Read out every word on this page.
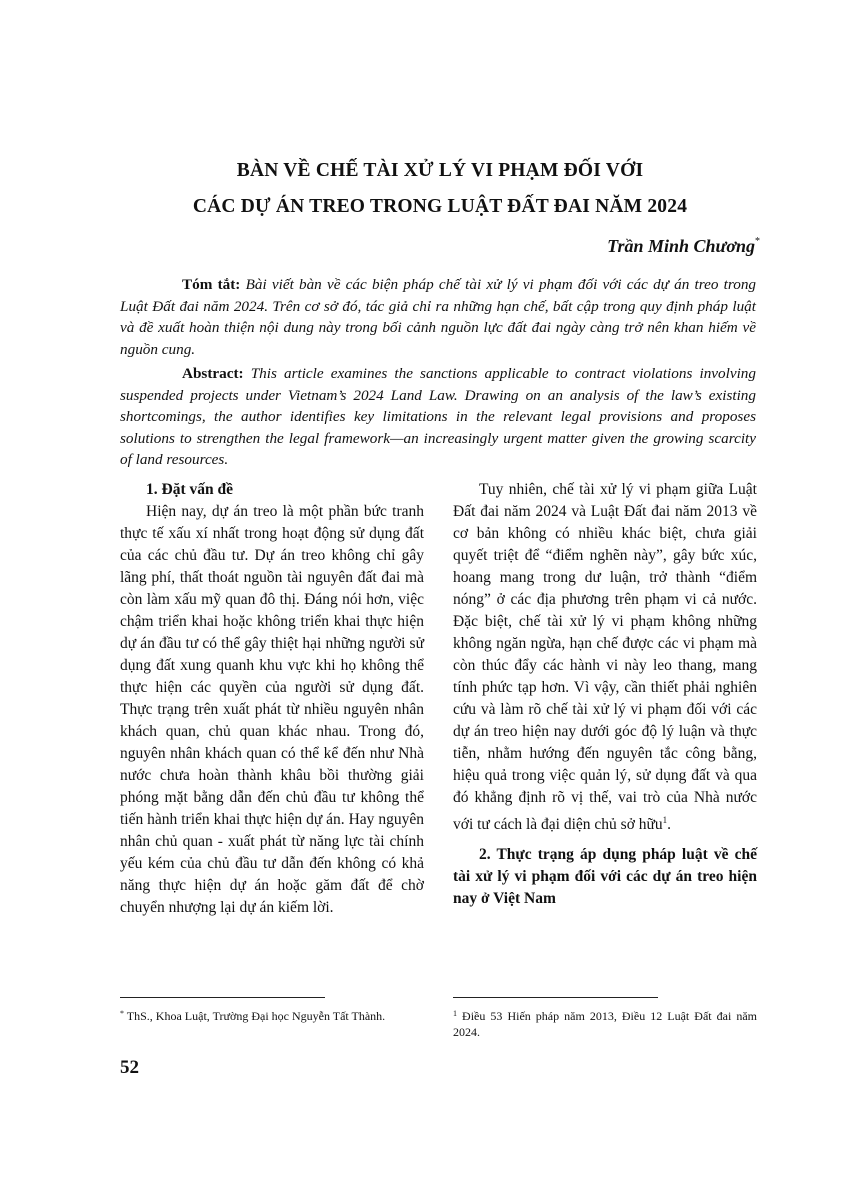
BÀN VỀ CHẾ TÀI XỬ LÝ VI PHẠM ĐỐI VỚI
CÁC DỰ ÁN TREO TRONG LUẬT ĐẤT ĐAI NĂM 2024
Trần Minh Chương*
Tóm tắt: Bài viết bàn về các biện pháp chế tài xử lý vi phạm đối với các dự án treo trong Luật Đất đai năm 2024. Trên cơ sở đó, tác giả chỉ ra những hạn chế, bất cập trong quy định pháp luật và đề xuất hoàn thiện nội dung này trong bối cảnh nguồn lực đất đai ngày càng trở nên khan hiếm về nguồn cung.
Abstract: This article examines the sanctions applicable to contract violations involving suspended projects under Vietnam’s 2024 Land Law. Drawing on an analysis of the law’s existing shortcomings, the author identifies key limitations in the relevant legal provisions and proposes solutions to strengthen the legal framework—an increasingly urgent matter given the growing scarcity of land resources.

1. Đặt vấn đề

Hiện nay, dự án treo là một phần bức tranh thực tế xấu xí nhất trong hoạt động sử dụng đất của các chủ đầu tư. Dự án treo không chỉ gây lãng phí, thất thoát nguồn tài nguyên đất đai mà còn làm xấu mỹ quan đô thị. Đáng nói hơn, việc chậm triển khai hoặc không triển khai thực hiện dự án đầu tư có thể gây thiệt hại những người sử dụng đất xung quanh khu vực khi họ không thể thực hiện các quyền của người sử dụng đất. Thực trạng trên xuất phát từ nhiều nguyên nhân khách quan, chủ quan khác nhau. Trong đó, nguyên nhân khách quan có thể kể đến như Nhà nước chưa hoàn thành khâu bồi thường giải phóng mặt bằng dẫn đến chủ đầu tư không thể tiến hành triển khai thực hiện dự án. Hay nguyên nhân chủ quan - xuất phát từ năng lực tài chính yếu kém của chủ đầu tư dẫn đến không có khả năng thực hiện dự án hoặc găm đất để chờ chuyển nhượng lại dự án kiếm lời.

Tuy nhiên, chế tài xử lý vi phạm giữa Luật Đất đai năm 2024 và Luật Đất đai năm 2013 về cơ bản không có nhiều khác biệt, chưa giải quyết triệt để “điểm nghẽn này”, gây bức xúc, hoang mang trong dư luận, trở thành “điểm nóng” ở các địa phương trên phạm vi cả nước. Đặc biệt, chế tài xử lý vi phạm không những không ngăn ngừa, hạn chế được các vi phạm mà còn thúc đẩy các hành vi này leo thang, mang tính phức tạp hơn. Vì vậy, cần thiết phải nghiên cứu và làm rõ chế tài xử lý vi phạm đối với các dự án treo hiện nay dưới góc độ lý luận và thực tiễn, nhằm hướng đến nguyên tắc công bằng, hiệu quả trong việc quản lý, sử dụng đất và qua đó khẳng định rõ vị thế, vai trò của Nhà nước với tư cách là đại diện chủ sở hữu$^1$.

2. Thực trạng áp dụng pháp luật về chế tài xử lý vi phạm đối với các dự án treo hiện nay ở Việt Nam

* ThS., Khoa Luật, Trường Đại học Nguyễn Tất Thành.	$^1$ Điều 53 Hiến pháp năm 2013, Điều 12 Luật Đất đai năm 2024.
52
